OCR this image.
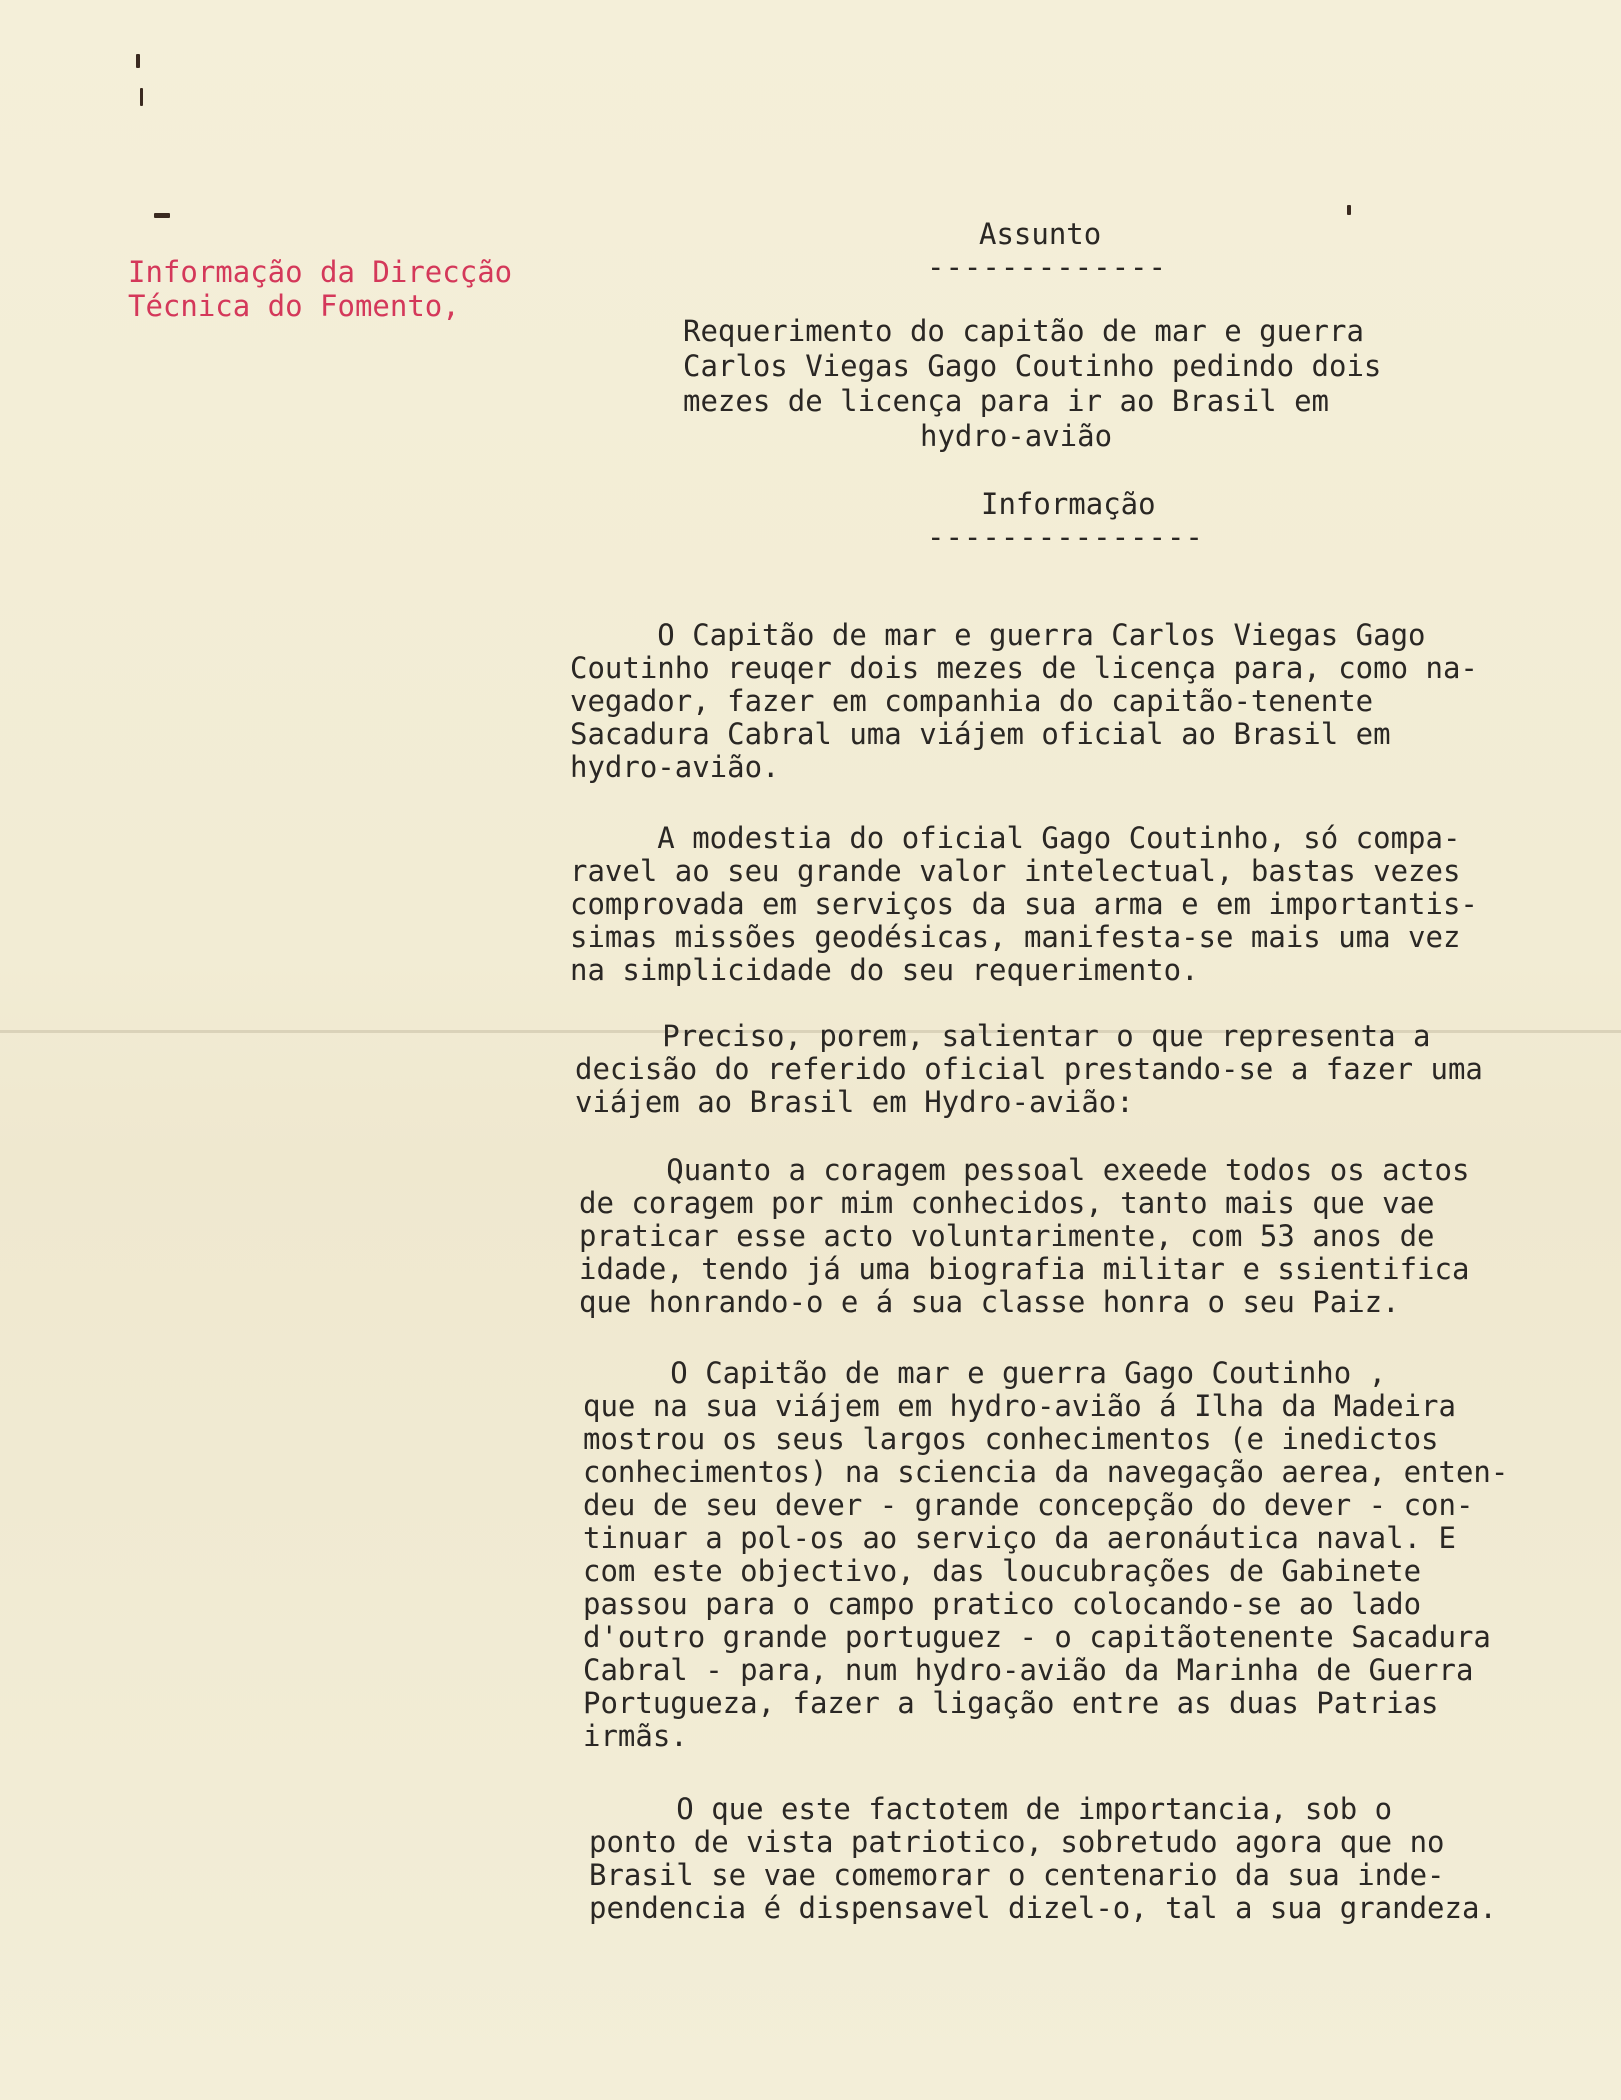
Informação da Direcção
Técnica do Fomento,
Assunto
-------------
Requerimento do capitão de mar e guerra
Carlos Viegas Gago Coutinho pedindo dois
mezes de licença para ir ao Brasil em
hydro-avião
Informação
---------------
O Capitão de mar e guerra Carlos Viegas Gago
Coutinho reuqer dois mezes de licença para, como na-
vegador, fazer em companhia do capitão-tenente
Sacadura Cabral uma viájem oficial ao Brasil em
hydro-avião.
A modestia do oficial Gago Coutinho, só compa-
ravel ao seu grande valor intelectual, bastas vezes
comprovada em serviços da sua arma e em importantis-
simas missões geodésicas, manifesta-se mais uma vez
na simplicidade do seu requerimento.
Preciso, porem, salientar o que representa a
decisão do referido oficial prestando-se a fazer uma
viájem ao Brasil em Hydro-avião:
Quanto a coragem pessoal exeede todos os actos
de coragem por mim conhecidos, tanto mais que vae
praticar esse acto voluntarimente, com 53 anos de
idade, tendo já uma biografia militar e ssientifica
que honrando-o e á sua classe honra o seu Paiz.
O Capitão de mar e guerra Gago Coutinho ,
que na sua viájem em hydro-avião á Ilha da Madeira
mostrou os seus largos conhecimentos (e inedictos
conhecimentos) na sciencia da navegação aerea, enten-
deu de seu dever - grande concepção do dever - con-
tinuar a pol-os ao serviço da aeronáutica naval. E
com este objectivo, das loucubrações de Gabinete
passou para o campo pratico colocando-se ao lado
d'outro grande portuguez - o capitãotenente Sacadura
Cabral - para, num hydro-avião da Marinha de Guerra
Portugueza, fazer a ligação entre as duas Patrias
irmãs.
O que este factotem de importancia, sob o
ponto de vista patriotico, sobretudo agora que no
Brasil se vae comemorar o centenario da sua inde-
pendencia é dispensavel dizel-o, tal a sua grandeza.
